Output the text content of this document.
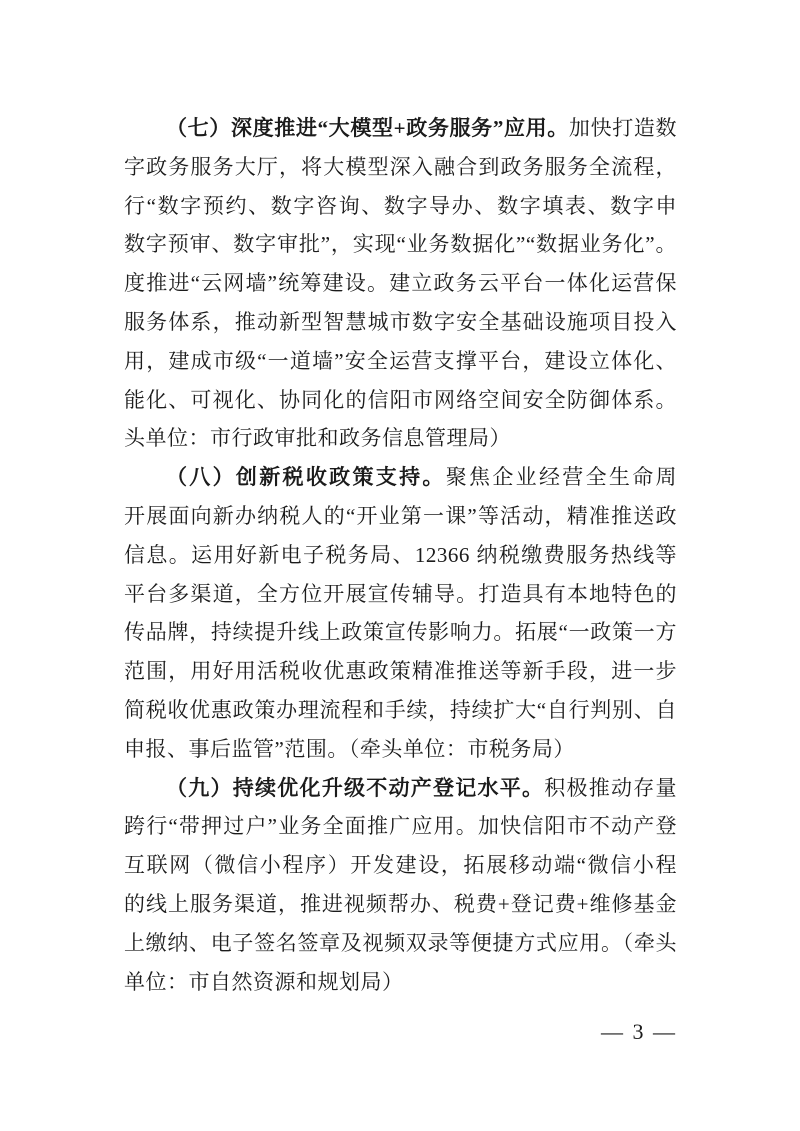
（七）深度推进“大模型+政务服务”应用。加快打造数
字政务服务大厅，将大模型深入融合到政务服务全流程，
行“数字预约、数字咨询、数字导办、数字填表、数字申
数字预审、数字审批”，实现“业务数据化”“数据业务化”。
度推进“云网墙”统筹建设。建立政务云平台一体化运营保
服务体系，推动新型智慧城市数字安全基础设施项目投入
用，建成市级“一道墙”安全运营支撑平台，建设立体化、
能化、可视化、协同化的信阳市网络空间安全防御体系。
头单位：市行政审批和政务信息管理局）
（八）创新税收政策支持。聚焦企业经营全生命周
开展面向新办纳税人的“开业第一课”等活动，精准推送政
信息。运用好新电子税务局、12366 纳税缴费服务热线等
平台多渠道，全方位开展宣传辅导。打造具有本地特色的
传品牌，持续提升线上政策宣传影响力。拓展“一政策一方
范围，用好用活税收优惠政策精准推送等新手段，进一步
简税收优惠政策办理流程和手续，持续扩大“自行判别、自
申报、事后监管”范围。（牵头单位：市税务局）
（九）持续优化升级不动产登记水平。积极推动存量
跨行“带押过户”业务全面推广应用。加快信阳市不动产登
互联网（微信小程序）开发建设，拓展移动端“微信小程
的线上服务渠道，推进视频帮办、税费+登记费+维修基金
上缴纳、电子签名签章及视频双录等便捷方式应用。（牵头
单位：市自然资源和规划局）
— 3 —
